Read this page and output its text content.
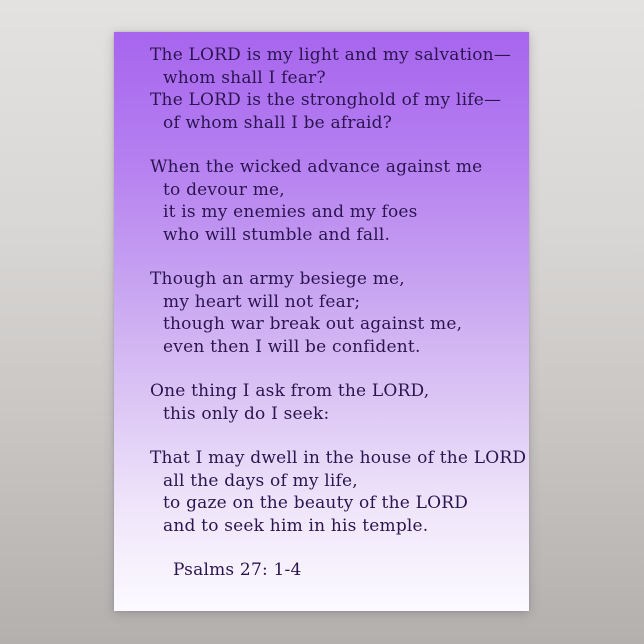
The LORD is my light and my salvation—
whom shall I fear?
The LORD is the stronghold of my life—
of whom shall I be afraid?
When the wicked advance against me
to devour me,
it is my enemies and my foes
who will stumble and fall.
Though an army besiege me,
my heart will not fear;
though war break out against me,
even then I will be confident.
One thing I ask from the LORD,
this only do I seek:
That I may dwell in the house of the LORD
all the days of my life,
to gaze on the beauty of the LORD
and to seek him in his temple.
Psalms 27: 1-4
